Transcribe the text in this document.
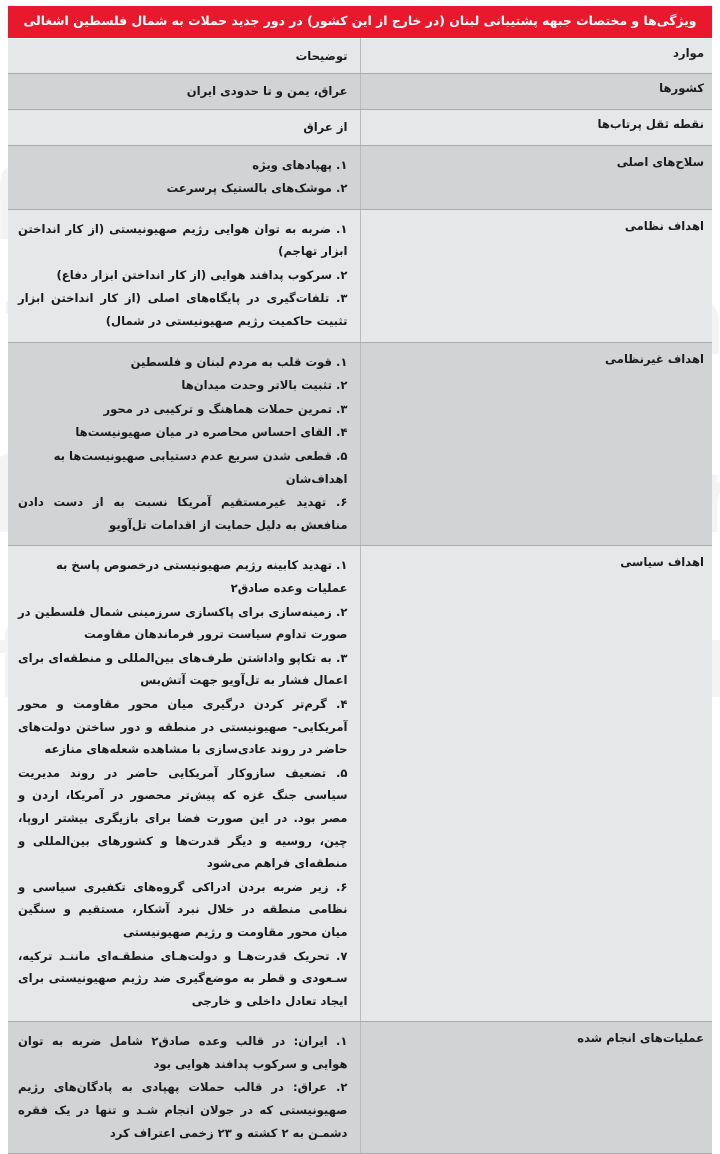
ویژگی‌ها و مختصات جبهه پشتیبانی لبنان (در خارج از این کشور) در دور جدید حملات به شمال فلسطین اشغالی	
موارد	توضیحات

کشورها	عراق، یمن و تا حدودی ایران

نقطه ثقل پرتاب‌ها	از عراق

سلاح‌های اصلی	
۱. پهپادهای ویژه
۲. موشک‌های بالستیک پرسرعت

اهداف نظامی	
۱. ضربه به توان هوایی رژیم صهیونیستی (از کار انداختن ابزار تهاجم)
۲. سرکوب پدافند هوایی (از کار انداختن ابزار دفاع)
۳. تلفات‌گیری در پایگاه‌های اصلی (از کار انداختن ابزار تثبیت حاکمیت رژیم صهیونیستی در شمال)

اهداف غیرنظامی	
۱. قوت قلب به مردم لبنان و فلسطین
۲. تثبیت بالاتر وحدت میدان‌ها
۳. تمرین حملات هماهنگ و ترکیبی در محور
۴. القای احساس محاصره در میان صهیونیست‌ها
۵. قطعی شدن سریع عدم دستیابی صهیونیست‌ها به اهداف‌شان
۶. تهدید غیرمستقیم آمریکا نسبت به از دست دادن منافعش به دلیل حمایت از اقدامات تل‌آویو

اهداف سیاسی	
۱. تهدید کابینه رژیم صهیونیستی درخصوص پاسخ به عملیات وعده صادق۲
۲. زمینه‌سازی برای پاکسازی سرزمینی شمال فلسطین در صورت تداوم سیاست ترور فرماندهان مقاومت
۳. به تکاپو واداشتن طرف‌های بین‌المللی و منطقه‌ای برای اعمال فشار به تل‌آویو جهت آتش‌بس
۴. گرم‌تر کردن درگیری میان محور مقاومت و محور آمریکایی- صهیونیستی در منطقه و دور ساختن دولت‌های حاضر در روند عادی‌سازی با مشاهده شعله‌های منازعه
۵. تضعیف سازوکار آمریکایی حاضر در روند مدیریت سیاسی جنگ غزه که پیش‌تر محصور در آمریکا، اردن و مصر بود. در این صورت فضا برای بازیگری بیشتر اروپا، چین، روسیه و دیگر قدرت‌ها و کشورهای بین‌المللی و منطقه‌ای فراهم می‌شود
۶. زیر ضربه بردن ادراکی گروه‌های تکفیری سیاسی و نظامی منطقه در خلال نبرد آشکار، مستقیم و سنگین میان محور مقاومت و رژیم صهیونیستی
۷. تحریک قدرت‌هـا و دولت‌هـای منطقـه‌ای ماننـد ترکیه، سـعودی و قطر به موضع‌گیری ضد رژیم صهیونیستی برای ایجاد تعادل داخلی و خارجی

عملیات‌های انجام شده	
۱. ایران: در قالب وعده صادق۲ شامل ضربه به توان هوایی و سرکوب پدافند هوایی بود
۲. عراق: در قالب حملات پهپادی به پادگان‌های رژیم صهیونیستی که در جولان انجام شـد و تنها در یک فقره دشمـن به ۲ کشته و ۲۳ زخمی اعتراف کرد
